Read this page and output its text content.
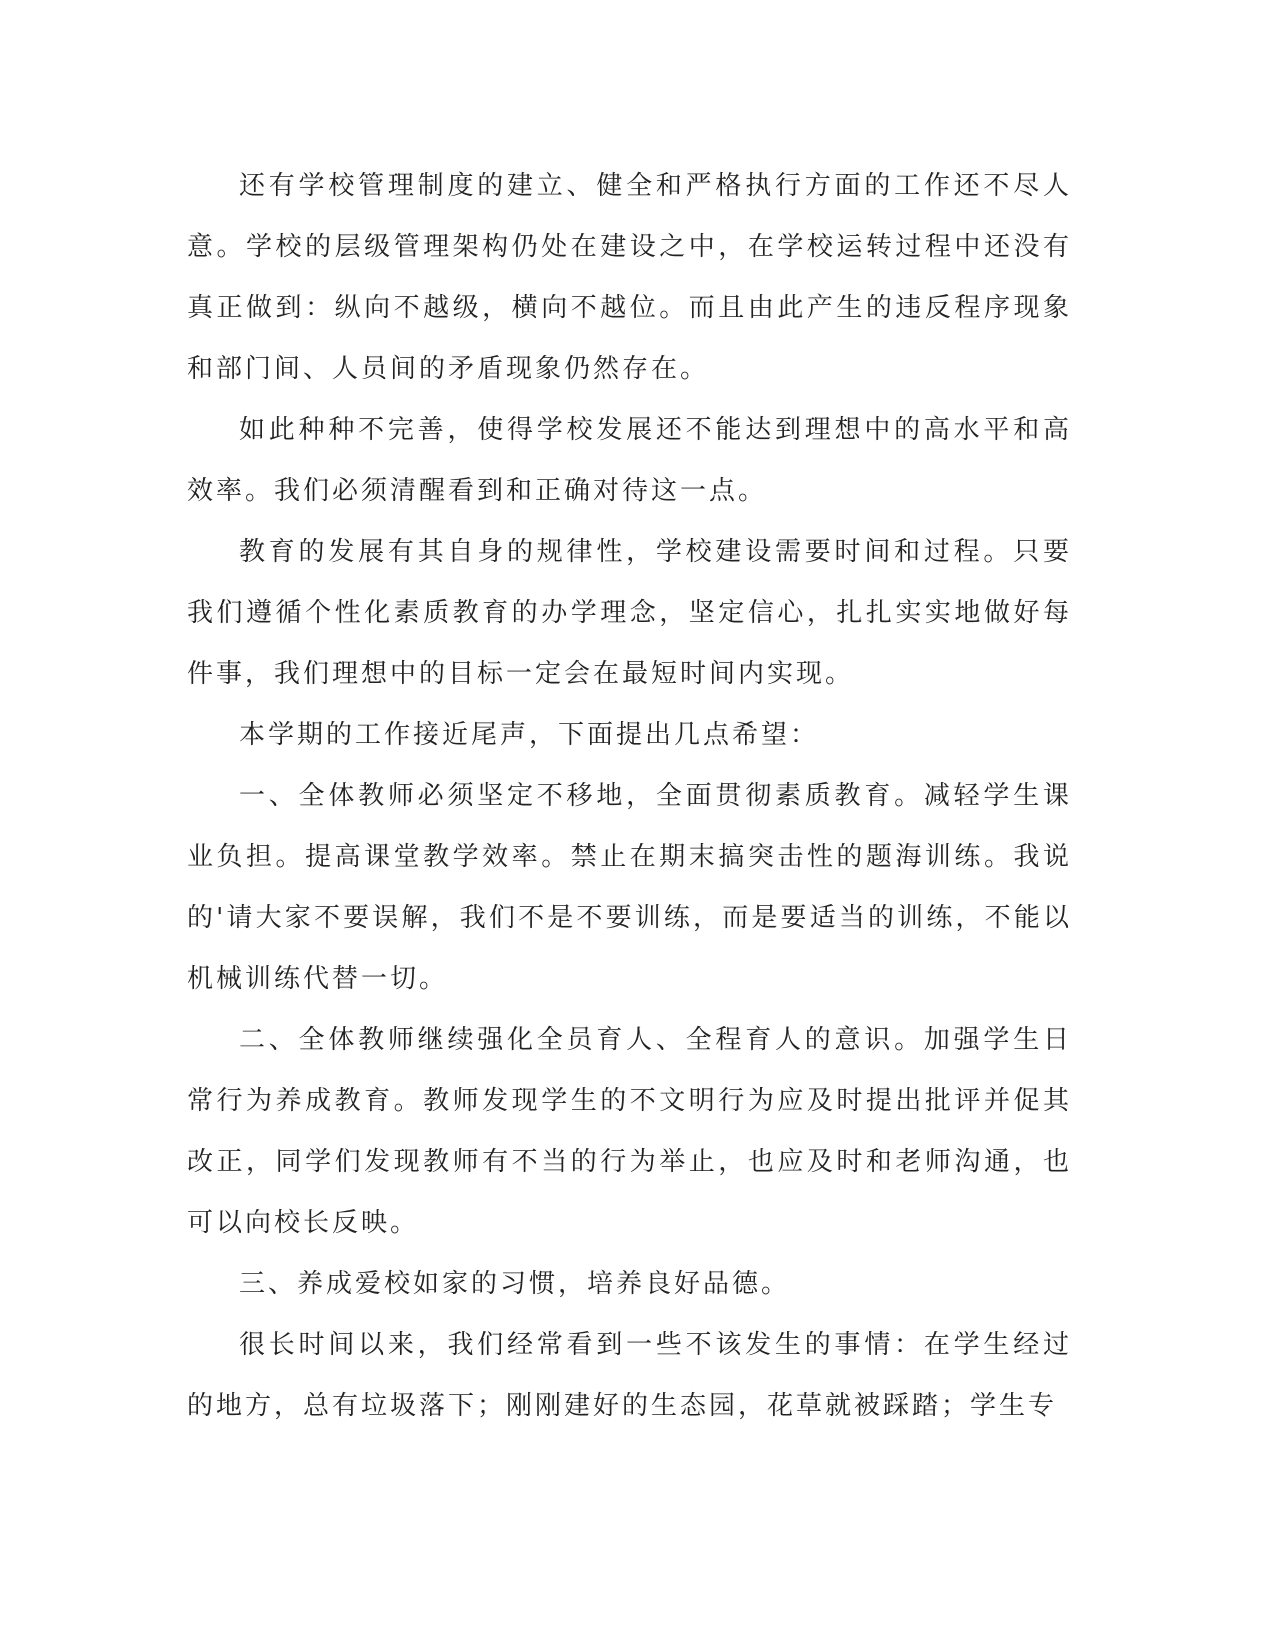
还有学校管理制度的建立、健全和严格执行方面的工作还不尽人意。学校的层级管理架构仍处在建设之中，在学校运转过程中还没有真正做到：纵向不越级，横向不越位。而且由此产生的违反程序现象和部门间、人员间的矛盾现象仍然存在。

如此种种不完善，使得学校发展还不能达到理想中的高水平和高效率。我们必须清醒看到和正确对待这一点。

教育的发展有其自身的规律性，学校建设需要时间和过程。只要我们遵循个性化素质教育的办学理念，坚定信心，扎扎实实地做好每件事，我们理想中的目标一定会在最短时间内实现。

本学期的工作接近尾声，下面提出几点希望：

一、全体教师必须坚定不移地，全面贯彻素质教育。减轻学生课业负担。提高课堂教学效率。禁止在期末搞突击性的题海训练。我说的'请大家不要误解，我们不是不要训练，而是要适当的训练，不能以机械训练代替一切。

二、全体教师继续强化全员育人、全程育人的意识。加强学生日常行为养成教育。教师发现学生的不文明行为应及时提出批评并促其改正，同学们发现教师有不当的行为举止，也应及时和老师沟通，也可以向校长反映。

三、养成爱校如家的习惯，培养良好品德。

很长时间以来，我们经常看到一些不该发生的事情：在学生经过的地方，总有垃圾落下；刚刚建好的生态园，花草就被踩踏；学生专
